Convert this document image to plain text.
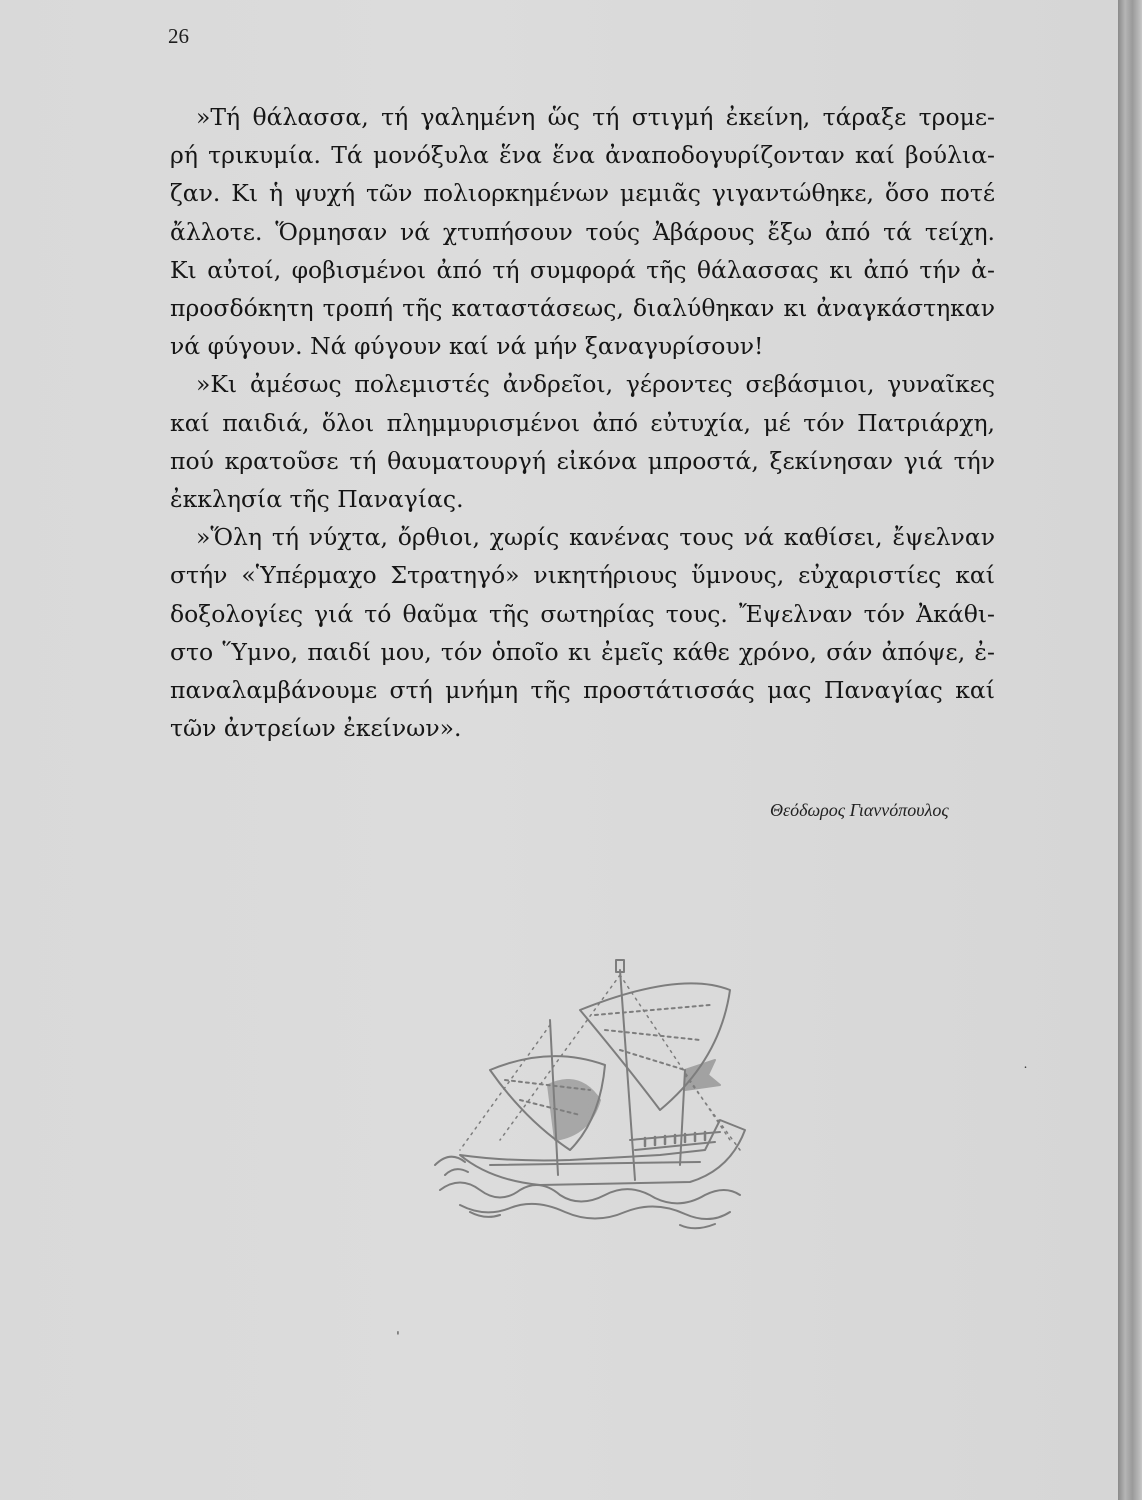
26
»Τή θάλασσα, τή γαλημένη ὥς τή στιγμή ἐκείνη, τάραξε τρομε-
ρή τρικυμία. Τά μονόξυλα ἕνα ἕνα ἀναποδογυρίζονταν καί βούλια-
ζαν. Κι ἡ ψυχή τῶν πολιορκημένων μεμιᾶς γιγαντώθηκε, ὅσο ποτέ
ἄλλοτε. Ὅρμησαν νά χτυπήσουν τούς Ἀβάρους ἔξω ἀπό τά τείχη.
Κι αὐτοί, φοβισμένοι ἀπό τή συμφορά τῆς θάλασσας κι ἀπό τήν ἀ-
προσδόκητη τροπή τῆς καταστάσεως, διαλύθηκαν κι ἀναγκάστηκαν
νά φύγουν. Νά φύγουν καί νά μήν ξαναγυρίσουν!
»Κι ἀμέσως πολεμιστές ἀνδρεῖοι, γέροντες σεβάσμιοι, γυναῖκες
καί παιδιά, ὅλοι πλημμυρισμένοι ἀπό εὐτυχία, μέ τόν Πατριάρχη,
πού κρατοῦσε τή θαυματουργή εἰκόνα μπροστά, ξεκίνησαν γιά τήν
ἐκκλησία τῆς Παναγίας.
»Ὅλη τή νύχτα, ὄρθιοι, χωρίς κανένας τους νά καθίσει, ἔψελναν
στήν «Ὑπέρμαχο Στρατηγό» νικητήριους ὕμνους, εὐχαριστίες καί
δοξολογίες γιά τό θαῦμα τῆς σωτηρίας τους. Ἔψελναν τόν Ἀκάθι-
στο Ὕμνο, παιδί μου, τόν ὁποῖο κι ἐμεῖς κάθε χρόνο, σάν ἀπόψε, ἐ-
παναλαμβάνουμε στή μνήμη τῆς προστάτισσάς μας Παναγίας καί
τῶν ἀντρείων ἐκείνων».
Θεόδωρος Γιαννόπουλος
˙
ˈ
